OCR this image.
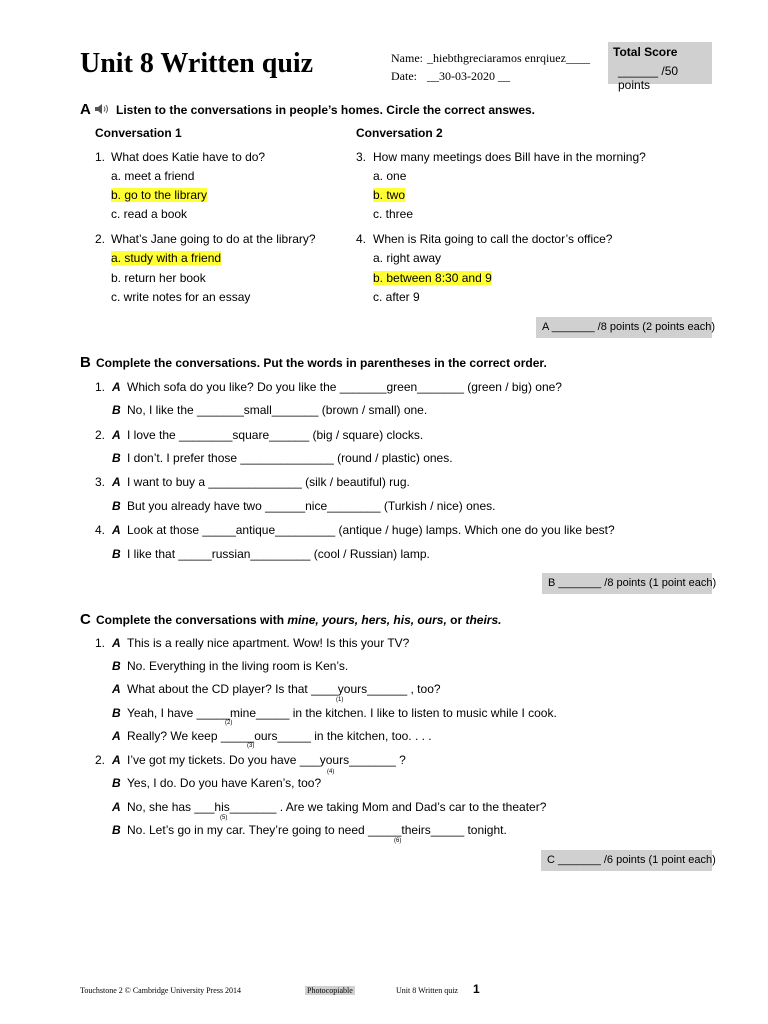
Unit 8 Written quiz	Name: _hiebthgreciaramos enrqiuez____
Date: __30-03-2020 __
Total Score
______ /50 points
A Listen to the conversations in people’s homes. Circle the correct answes.
Conversation 1	Conversation 2
1. What does Katie have to do?
a. meet a friend
b. go to the library
c. read a book
2. What’s Jane going to do at the library?
a. study with a friend
b. return her book
c. write notes for an essay
3. How many meetings does Bill have in the morning?
a. one
b. two
c. three
4. When is Rita going to call the doctor’s office?
a. right away
b. between 8:30 and 9
c. after 9
A _______ /8 points (2 points each)
B Complete the conversations. Put the words in parentheses in the correct order.
1. A Which sofa do you like? Do you like the _______green_______ (green / big) one?
B No, I like the _______small_______ (brown / small) one.
2. A I love the ________square______ (big / square) clocks.
B I don’t. I prefer those ______________ (round / plastic) ones.
3. A I want to buy a ______________ (silk / beautiful) rug.
B But you already have two ______nice________ (Turkish / nice) ones.
4. A Look at those _____antique_________ (antique / huge) lamps. Which one do you like best?
B I like that _____russian_________ (cool / Russian) lamp.
B _______ /8 points (1 point each)
C Complete the conversations with mine, yours, hers, his, ours, or theirs.
1. A This is a really nice apartment. Wow! Is this your TV?
B No. Everything in the living room is Ken’s.
A What about the CD player? Is that ____yours______ , too?
(1)
B Yeah, I have _____mine_____ in the kitchen. I like to listen to music while I cook.
(2)
A Really? We keep _____ours_____ in the kitchen, too. . . .
(3)
2. A I’ve got my tickets. Do you have ___yours_______ ?
(4)
B Yes, I do. Do you have Karen’s, too?
A No, she has ___his_______ . Are we taking Mom and Dad’s car to the theater?
(5)
B No. Let’s go in my car. They’re going to need _____theirs_____ tonight.
(6)
C _______ /6 points (1 point each)
Touchstone 2 © Cambridge University Press 2014	Photocopiable	Unit 8 Written quiz 1
